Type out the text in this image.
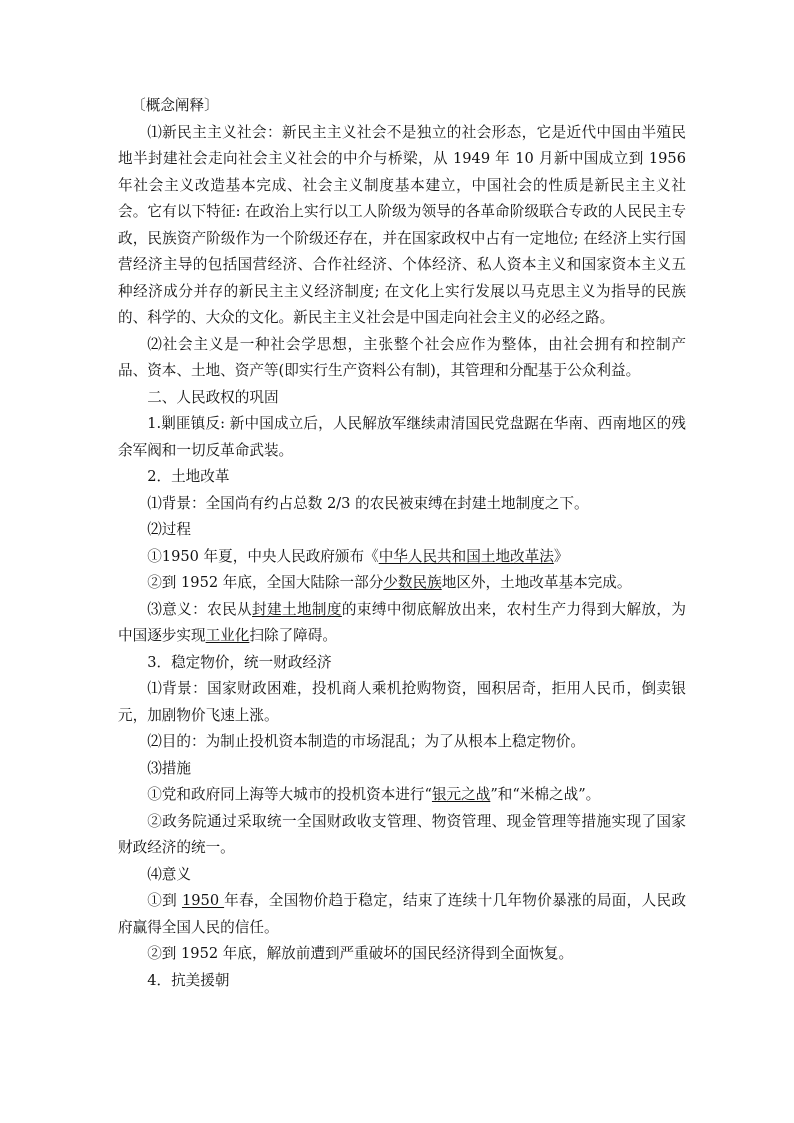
〔概念阐释〕

⑴新民主主义社会：新民主主义社会不是独立的社会形态，它是近代中国由半殖民地半封建社会走向社会主义社会的中介与桥梁，从 1949 年 10 月新中国成立到 1956 年社会主义改造基本完成、社会主义制度基本建立，中国社会的性质是新民主主义社会。它有以下特征: 在政治上实行以工人阶级为领导的各革命阶级联合专政的人民民主专政，民族资产阶级作为一个阶级还存在，并在国家政权中占有一定地位; 在经济上实行国营经济主导的包括国营经济、合作社经济、个体经济、私人资本主义和国家资本主义五种经济成分并存的新民主主义经济制度; 在文化上实行发展以马克思主义为指导的民族的、科学的、大众的文化。新民主主义社会是中国走向社会主义的必经之路。

⑵社会主义是一种社会学思想，主张整个社会应作为整体，由社会拥有和控制产品、资本、土地、资产等(即实行生产资料公有制)，其管理和分配基于公众利益。

二、人民政权的巩固

1.剿匪镇反: 新中国成立后，人民解放军继续肃清国民党盘踞在华南、西南地区的残余军阀和一切反革命武装。

2．土地改革

⑴背景：全国尚有约占总数 2/3 的农民被束缚在封建土地制度之下。

⑵过程

①1950 年夏，中央人民政府颁布《中华人民共和国土地改革法》

②到 1952 年底，全国大陆除一部分少数民族地区外，土地改革基本完成。

⑶意义：农民从封建土地制度的束缚中彻底解放出来，农村生产力得到大解放，为中国逐步实现工业化扫除了障碍。

3．稳定物价，统一财政经济

⑴背景：国家财政困难，投机商人乘机抢购物资，囤积居奇，拒用人民币，倒卖银元，加剧物价飞速上涨。

⑵目的：为制止投机资本制造的市场混乱；为了从根本上稳定物价。

⑶措施

①党和政府同上海等大城市的投机资本进行“银元之战”和“米棉之战”。

②政务院通过采取统一全国财政收支管理、物资管理、现金管理等措施实现了国家财政经济的统一。

⑷意义

①到 1950 年春，全国物价趋于稳定，结束了连续十几年物价暴涨的局面，人民政府赢得全国人民的信任。

②到 1952 年底，解放前遭到严重破坏的国民经济得到全面恢复。

4．抗美援朝
